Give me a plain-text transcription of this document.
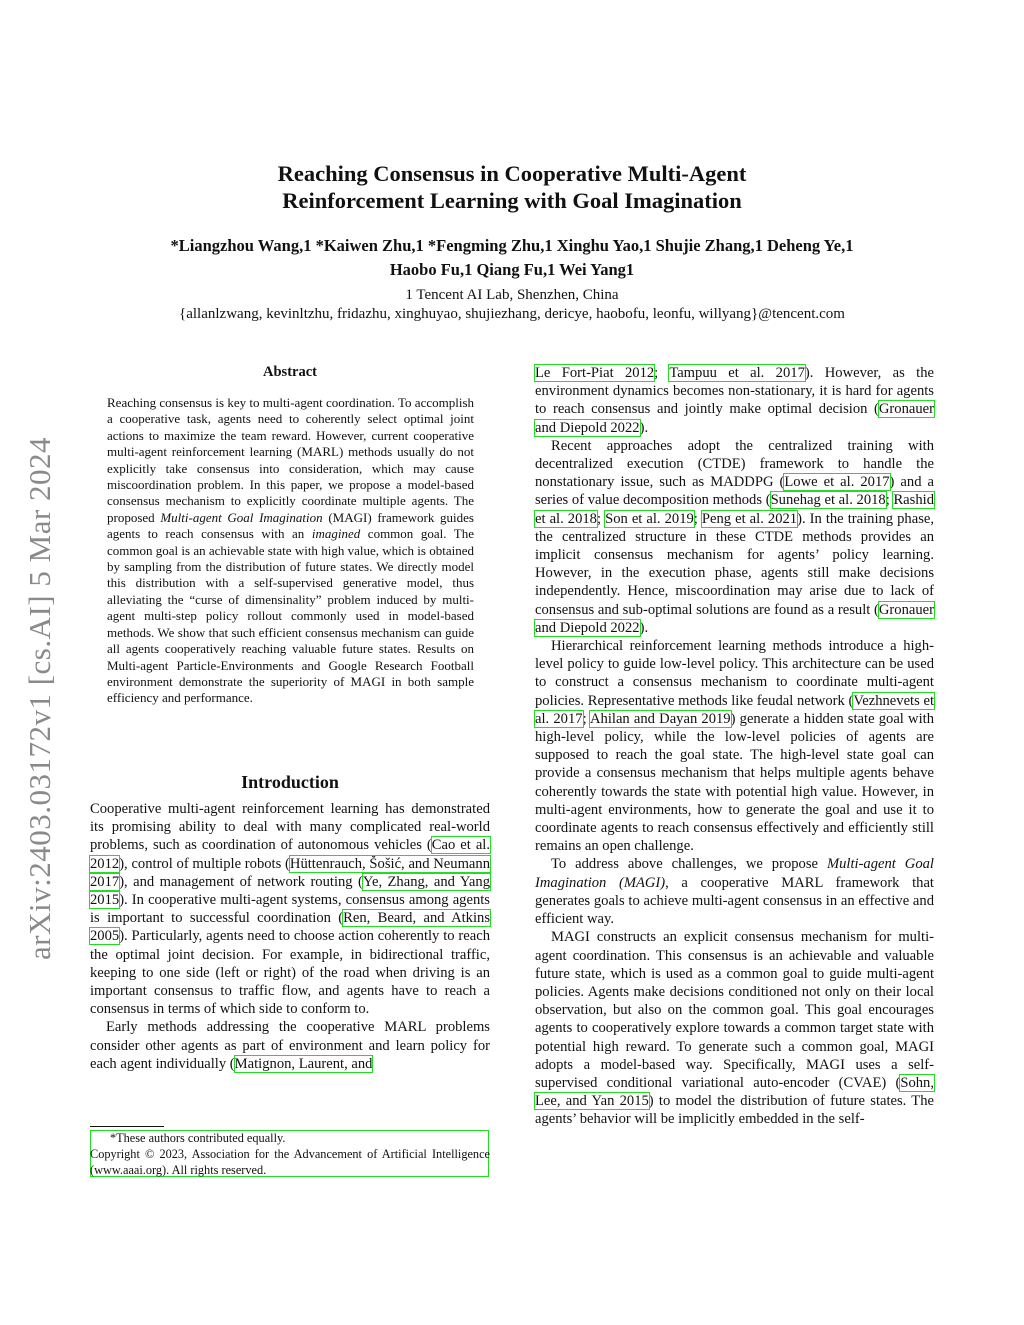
arXiv:2403.03172v1 [cs.AI] 5 Mar 2024
Reaching Consensus in Cooperative Multi-Agent
Reinforcement Learning with Goal Imagination
*Liangzhou Wang,1 *Kaiwen Zhu,1 *Fengming Zhu,1 Xinghu Yao,1 Shujie Zhang,1 Deheng Ye,1
Haobo Fu,1 Qiang Fu,1 Wei Yang1
1 Tencent AI Lab, Shenzhen, China
{allanlzwang, kevinltzhu, fridazhu, xinghuyao, shujiezhang, dericye, haobofu, leonfu, willyang}@tencent.com
Abstract
Reaching consensus is key to multi-agent coordination. To accomplish a cooperative task, agents need to coherently select optimal joint actions to maximize the team reward. However, current cooperative multi-agent reinforcement learning (MARL) methods usually do not explicitly take consensus into consideration, which may cause miscoordination problem. In this paper, we propose a model-based consensus mechanism to explicitly coordinate multiple agents. The proposed Multi-agent Goal Imagination (MAGI) framework guides agents to reach consensus with an imagined common goal. The common goal is an achievable state with high value, which is obtained by sampling from the distribution of future states. We directly model this distribution with a self-supervised generative model, thus alleviating the “curse of dimensinality” problem induced by multi-agent multi-step policy rollout commonly used in model-based methods. We show that such efficient consensus mechanism can guide all agents cooperatively reaching valuable future states. Results on Multi-agent Particle-Environments and Google Research Football environment demonstrate the superiority of MAGI in both sample efficiency and performance.
Introduction

Cooperative multi-agent reinforcement learning has demonstrated its promising ability to deal with many complicated real-world problems, such as coordination of autonomous vehicles (Cao et al. 2012), control of multiple robots (Hüttenrauch, Šošić, and Neumann 2017), and management of network routing (Ye, Zhang, and Yang 2015). In cooperative multi-agent systems, consensus among agents is important to successful coordination (Ren, Beard, and Atkins 2005). Particularly, agents need to choose action coherently to reach the optimal joint decision. For example, in bidirectional traffic, keeping to one side (left or right) of the road when driving is an important consensus to traffic flow, and agents have to reach a consensus in terms of which side to conform to.

Early methods addressing the cooperative MARL problems consider other agents as part of environment and learn policy for each agent individually (Matignon, Laurent, and

*These authors contributed equally.
Copyright © 2023, Association for the Advancement of Artificial Intelligence (www.aaai.org). All rights reserved.

Le Fort-Piat 2012; Tampuu et al. 2017). However, as the environment dynamics becomes non-stationary, it is hard for agents to reach consensus and jointly make optimal decision (Gronauer and Diepold 2022).

Recent approaches adopt the centralized training with decentralized execution (CTDE) framework to handle the nonstationary issue, such as MADDPG (Lowe et al. 2017) and a series of value decomposition methods (Sunehag et al. 2018; Rashid et al. 2018; Son et al. 2019; Peng et al. 2021). In the training phase, the centralized structure in these CTDE methods provides an implicit consensus mechanism for agents’ policy learning. However, in the execution phase, agents still make decisions independently. Hence, miscoordination may arise due to lack of consensus and sub-optimal solutions are found as a result (Gronauer and Diepold 2022).

Hierarchical reinforcement learning methods introduce a high-level policy to guide low-level policy. This architecture can be used to construct a consensus mechanism to coordinate multi-agent policies. Representative methods like feudal network (Vezhnevets et al. 2017; Ahilan and Dayan 2019) generate a hidden state goal with high-level policy, while the low-level policies of agents are supposed to reach the goal state. The high-level state goal can provide a consensus mechanism that helps multiple agents behave coherently towards the state with potential high value. However, in multi-agent environments, how to generate the goal and use it to coordinate agents to reach consensus effectively and efficiently still remains an open challenge.

To address above challenges, we propose Multi-agent Goal Imagination (MAGI), a cooperative MARL framework that generates goals to achieve multi-agent consensus in an effective and efficient way.

MAGI constructs an explicit consensus mechanism for multi-agent coordination. This consensus is an achievable and valuable future state, which is used as a common goal to guide multi-agent policies. Agents make decisions conditioned not only on their local observation, but also on the common goal. This goal encourages agents to cooperatively explore towards a common target state with potential high reward. To generate such a common goal, MAGI adopts a model-based way. Specifically, MAGI uses a self-supervised conditional variational auto-encoder (CVAE) (Sohn, Lee, and Yan 2015) to model the distribution of future states. The agents’ behavior will be implicitly embedded in the self-
